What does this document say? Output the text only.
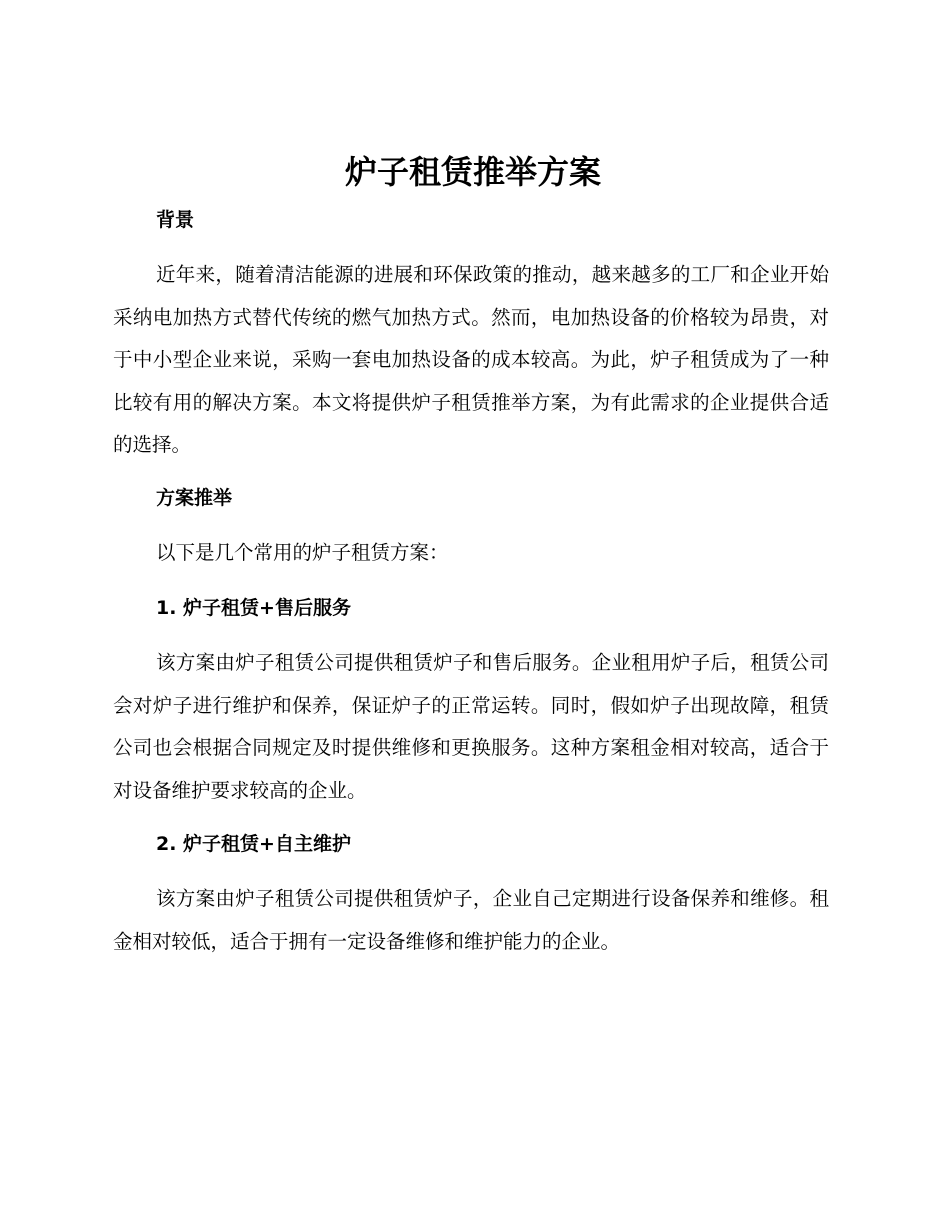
炉子租赁推举方案
背景

近年来，随着清洁能源的进展和环保政策的推动，越来越多的工厂和企业开始采纳电加热方式替代传统的燃气加热方式。然而，电加热设备的价格较为昂贵，对于中小型企业来说，采购一套电加热设备的成本较高。为此，炉子租赁成为了一种比较有用的解决方案。本文将提供炉子租赁推举方案，为有此需求的企业提供合适的选择。

方案推举

以下是几个常用的炉子租赁方案：

1. 炉子租赁+售后服务

该方案由炉子租赁公司提供租赁炉子和售后服务。企业租用炉子后，租赁公司会对炉子进行维护和保养，保证炉子的正常运转。同时，假如炉子出现故障，租赁公司也会根据合同规定及时提供维修和更换服务。这种方案租金相对较高，适合于对设备维护要求较高的企业。

2. 炉子租赁+自主维护

该方案由炉子租赁公司提供租赁炉子，企业自己定期进行设备保养和维修。租金相对较低，适合于拥有一定设备维修和维护能力的企业。
